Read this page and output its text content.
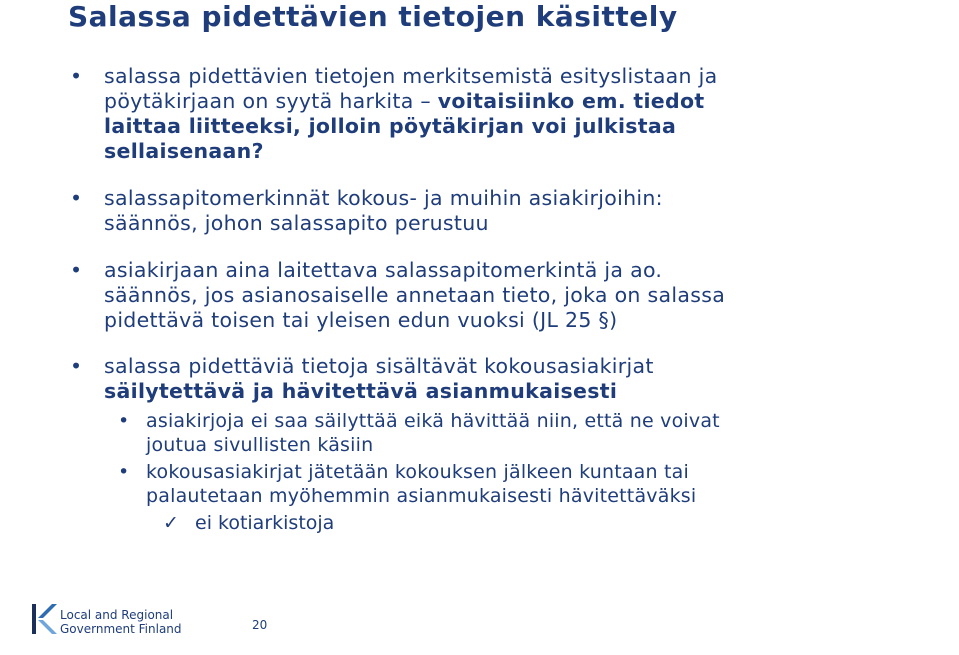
Salassa pidettävien tietojen käsittely
• salassa pidettävien tietojen merkitsemistä esityslistaan ja
pöytäkirjaan on syytä harkita – voitaisiinko em. tiedot
laittaa liitteeksi, jolloin pöytäkirjan voi julkistaa
sellaisenaan?
• salassapitomerkinnät kokous- ja muihin asiakirjoihin:
säännös, johon salassapito perustuu
• asiakirjaan aina laitettava salassapitomerkintä ja ao.
säännös, jos asianosaiselle annetaan tieto, joka on salassa
pidettävä toisen tai yleisen edun vuoksi (JL 25 §)
• salassa pidettäviä tietoja sisältävät kokousasiakirjat
säilytettävä ja hävitettävä asianmukaisesti
• asiakirjoja ei saa säilyttää eikä hävittää niin, että ne voivat
joutua sivullisten käsiin
• kokousasiakirjat jätetään kokouksen jälkeen kuntaan tai
palautetaan myöhemmin asianmukaisesti hävitettäväksi
✓ ei kotiarkistoja
Local and Regional
Government Finland	20
